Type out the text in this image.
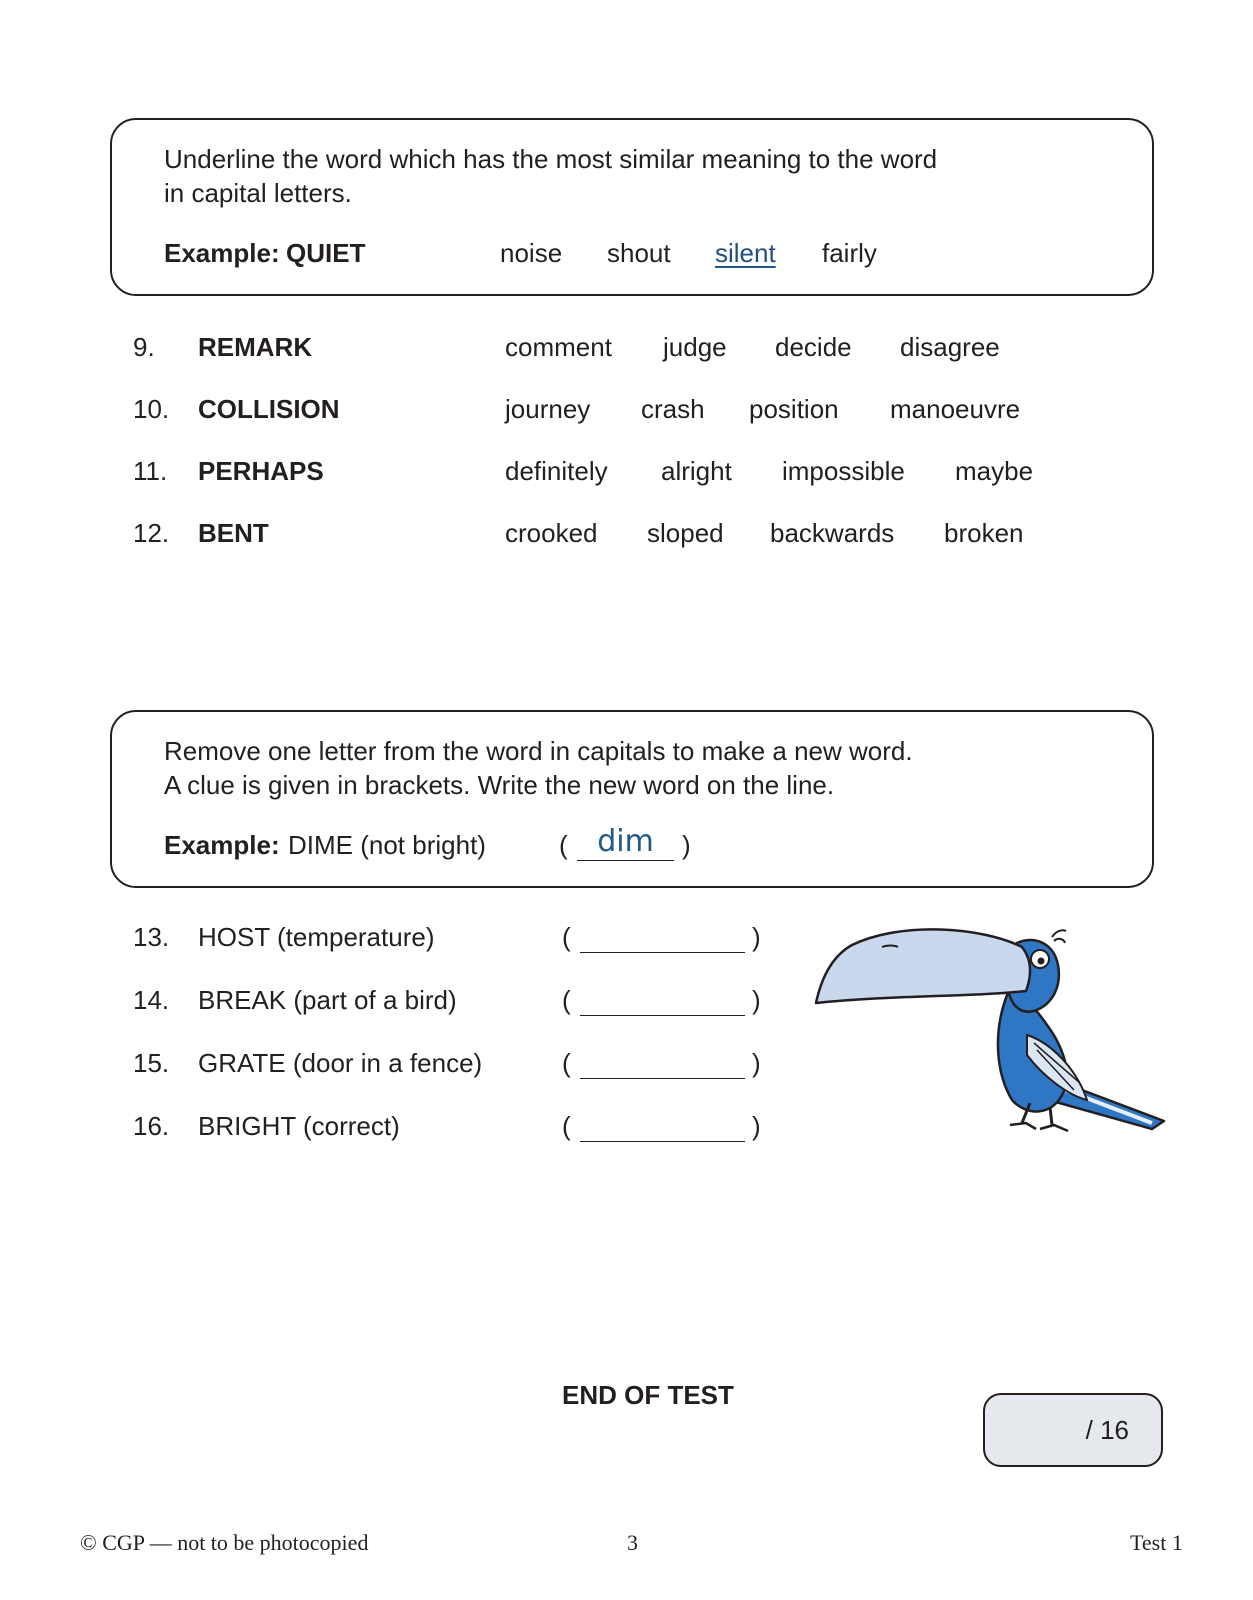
Underline the word which has the most similar meaning to the word
in capital letters.

Example: QUIET	noise shout silent fairly
9. REMARK	comment judge decide disagree
10. COLLISION	journey crash position manoeuvre
11. PERHAPS	definitely alright impossible maybe
12. BENT	crooked sloped backwards broken

Remove one letter from the word in capitals to make a new word.
A clue is given in brackets. Write the new word on the line.

Example: DIME (not bright)	( dim	)
13. HOST (temperature)	(	)
14. BREAK (part of a bird)	(	)
15. GRATE (door in a fence)	(	)
16. BRIGHT (correct)	(	)
END OF TEST
/ 16
© CGP — not to be photocopied	3	Test 1
